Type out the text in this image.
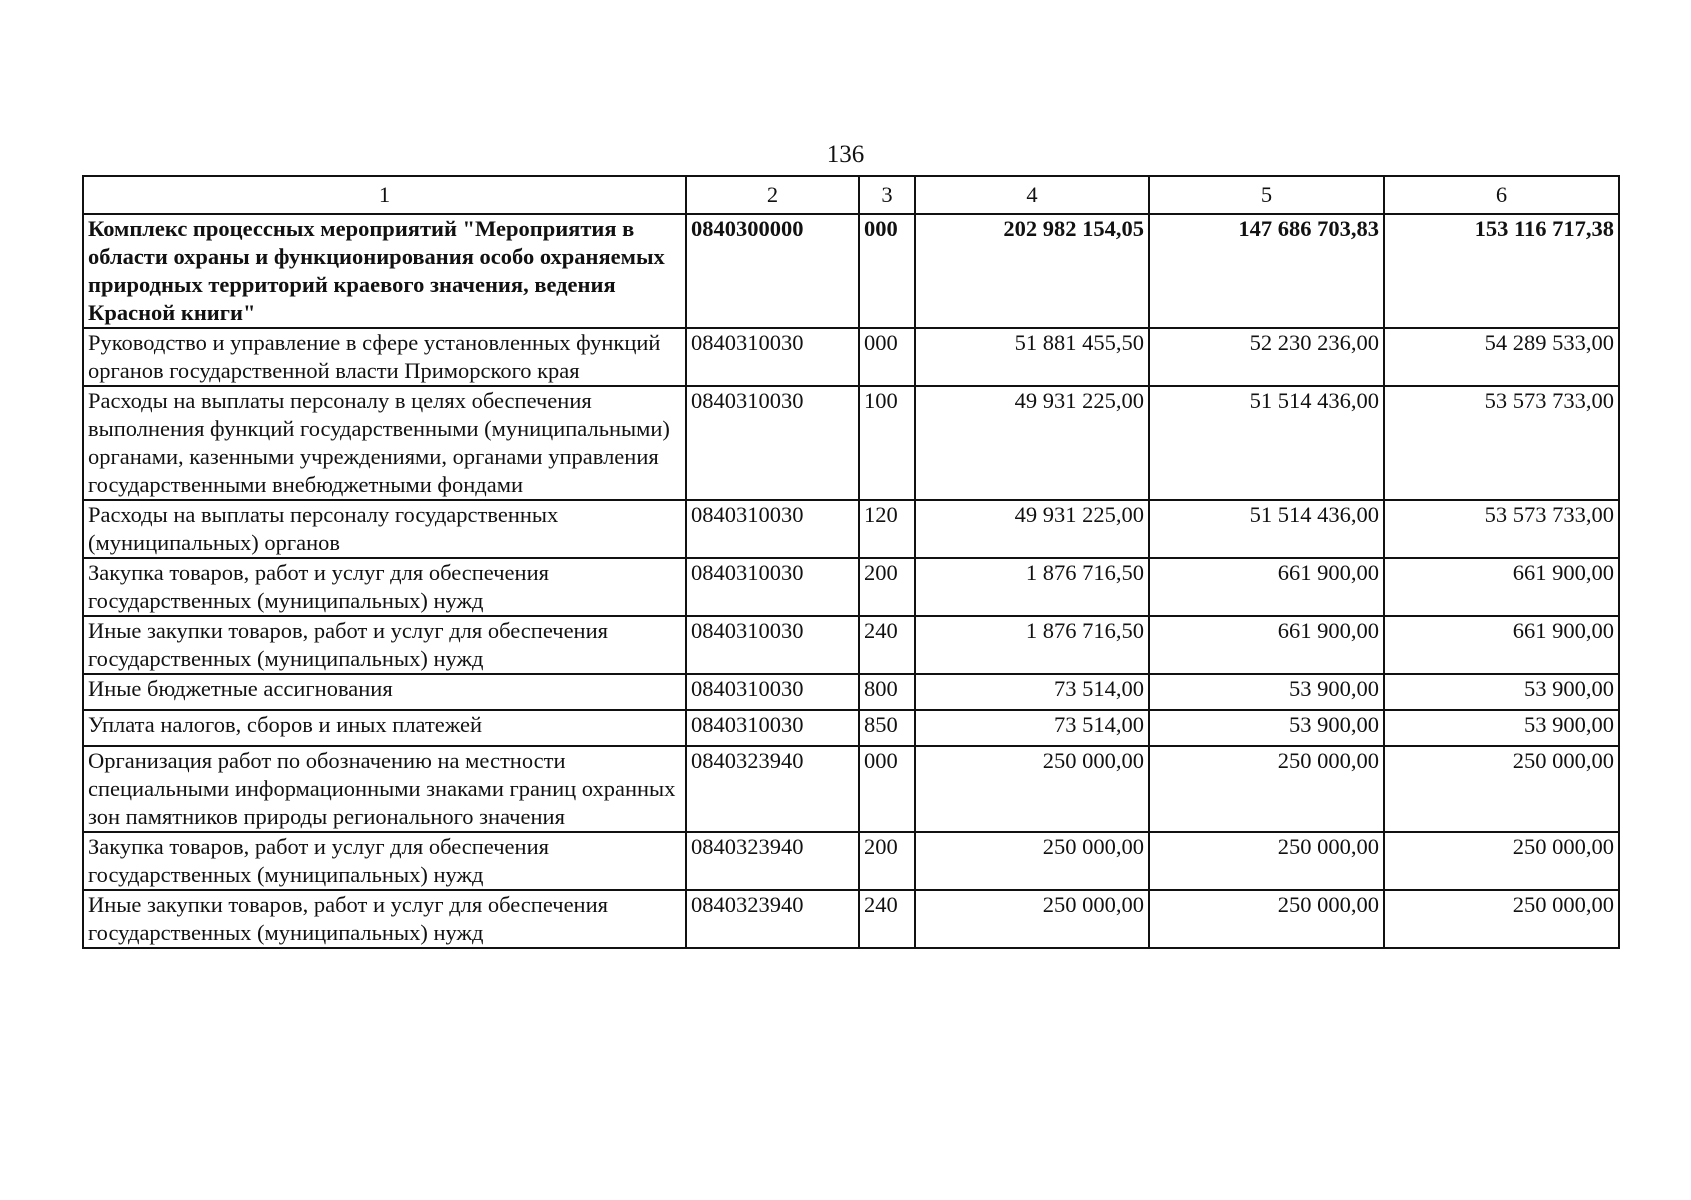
136
1	2	3	4	5	6
Комплекс процессных мероприятий "Мероприятия в области охраны и функционирования особо охраняемых природных территорий краевого значения, ведения Красной книги"	0840300000	000	202 982 154,05	147 686 703,83	153 116 717,38
Руководство и управление в сфере установленных функций органов государственной власти Приморского края	0840310030	000	51 881 455,50	52 230 236,00	54 289 533,00
Расходы на выплаты персоналу в целях обеспечения выполнения функций государственными (муниципальными) органами, казенными учреждениями, органами управления государственными внебюджетными фондами	0840310030	100	49 931 225,00	51 514 436,00	53 573 733,00
Расходы на выплаты персоналу государственных (муниципальных) органов	0840310030	120	49 931 225,00	51 514 436,00	53 573 733,00
Закупка товаров, работ и услуг для обеспечения государственных (муниципальных) нужд	0840310030	200	1 876 716,50	661 900,00	661 900,00
Иные закупки товаров, работ и услуг для обеспечения государственных (муниципальных) нужд	0840310030	240	1 876 716,50	661 900,00	661 900,00
Иные бюджетные ассигнования	0840310030	800	73 514,00	53 900,00	53 900,00
Уплата налогов, сборов и иных платежей	0840310030	850	73 514,00	53 900,00	53 900,00
Организация работ по обозначению на местности специальными информационными знаками границ охранных зон памятников природы регионального значения	0840323940	000	250 000,00	250 000,00	250 000,00
Закупка товаров, работ и услуг для обеспечения государственных (муниципальных) нужд	0840323940	200	250 000,00	250 000,00	250 000,00
Иные закупки товаров, работ и услуг для обеспечения государственных (муниципальных) нужд	0840323940	240	250 000,00	250 000,00	250 000,00
